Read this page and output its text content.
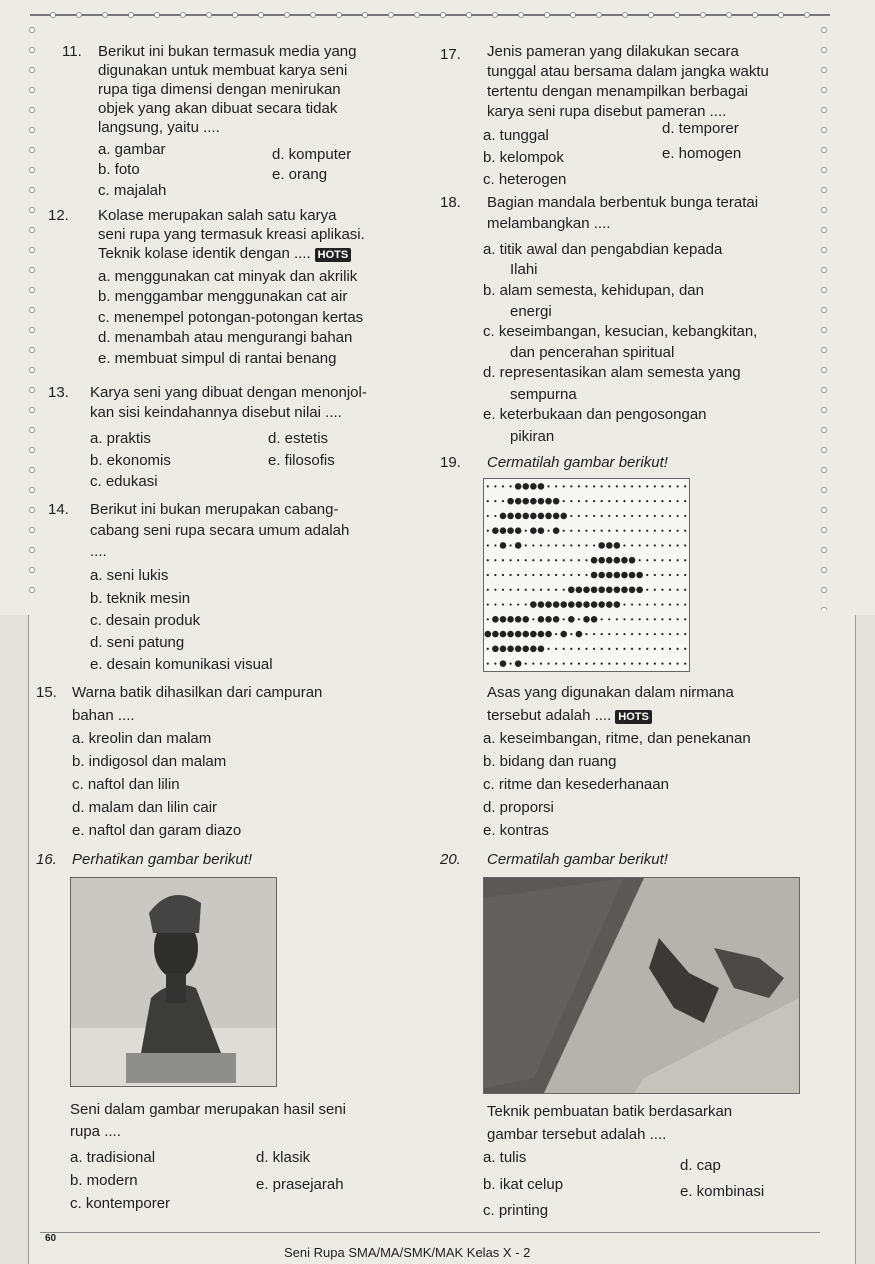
11. Berikut ini bukan termasuk media yang
digunakan untuk membuat karya seni
rupa tiga dimensi dengan menirukan
objek yang akan dibuat secara tidak
langsung, yaitu ....
a. gambar
b. foto
c. majalah
d. komputer
e. orang
12. Kolase merupakan salah satu karya
seni rupa yang termasuk kreasi aplikasi.
Teknik kolase identik dengan .... HOTS
a. menggunakan cat minyak dan akrilik
b. menggambar menggunakan cat air
c. menempel potongan-potongan kertas
d. menambah atau mengurangi bahan
e. membuat simpul di rantai benang
13. Karya seni yang dibuat dengan menonjol-
kan sisi keindahannya disebut nilai ....
a. praktis
b. ekonomis
c. edukasi
d. estetis
e. filosofis
14. Berikut ini bukan merupakan cabang-
cabang seni rupa secara umum adalah
....
a. seni lukis
b. teknik mesin
c. desain produk
d. seni patung
e. desain komunikasi visual
15. Warna batik dihasilkan dari campuran
bahan ....
a. kreolin dan malam
b. indigosol dan malam
c. naftol dan lilin
d. malam dan lilin cair
e. naftol dan garam diazo
16. Perhatikan gambar berikut!
Seni dalam gambar merupakan hasil seni
rupa ....
a. tradisional
b. modern
c. kontemporer
d. klasik
e. prasejarah
17. Jenis pameran yang dilakukan secara
tunggal atau bersama dalam jangka waktu
tertentu dengan menampilkan berbagai
karya seni rupa disebut pameran ....
a. tunggal
b. kelompok
c. heterogen
d. temporer
e. homogen
18. Bagian mandala berbentuk bunga teratai
melambangkan ....
a. titik awal dan pengabdian kepada
Ilahi
b. alam semesta, kehidupan, dan
energi
c. keseimbangan, kesucian, kebangkitan,
dan pencerahan spiritual
d. representasikan alam semesta yang
sempurna
e. keterbukaan dan pengosongan
pikiran
19. Cermatilah gambar berikut!
Asas yang digunakan dalam nirmana
tersebut adalah .... HOTS
a. keseimbangan, ritme, dan penekanan
b. bidang dan ruang
c. ritme dan kesederhanaan
d. proporsi
e. kontras
20. Cermatilah gambar berikut!
Teknik pembuatan batik berdasarkan
gambar tersebut adalah ....
a. tulis
b. ikat celup
c. printing
d. cap
e. kombinasi
60
Seni Rupa SMA/MA/SMK/MAK Kelas X - 2
